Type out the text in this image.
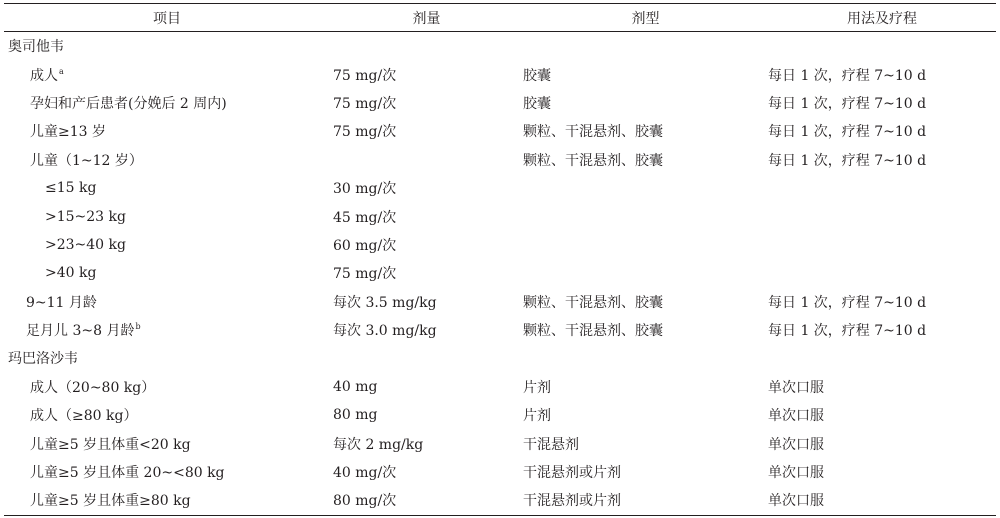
项目	剂量	剂型	用法及疗程
奥司他韦			
成人$^a$	75 mg/次	胶囊	每日 1 次，疗程 7~10 d
孕妇和产后患者(分娩后 2 周内)	75 mg/次	胶囊	每日 1 次，疗程 7~10 d
儿童≥13 岁	75 mg/次	颗粒、干混悬剂、胶囊	每日 1 次，疗程 7~10 d
儿童（1~12 岁）		颗粒、干混悬剂、胶囊	每日 1 次，疗程 7~10 d
≤15 kg	30 mg/次		
>15~23 kg	45 mg/次		
>23~40 kg	60 mg/次		
>40 kg	75 mg/次		
9~11 月龄	每次 3.5 mg/kg	颗粒、干混悬剂、胶囊	每日 1 次，疗程 7~10 d
足月儿 3~8 月龄$^b$	每次 3.0 mg/kg	颗粒、干混悬剂、胶囊	每日 1 次，疗程 7~10 d
玛巴洛沙韦			
成人（20~80 kg）	40 mg	片剂	单次口服
成人（≥80 kg）	80 mg	片剂	单次口服
儿童≥5 岁且体重<20 kg	每次 2 mg/kg	干混悬剂	单次口服
儿童≥5 岁且体重 20~<80 kg	40 mg/次	干混悬剂或片剂	单次口服
儿童≥5 岁且体重≥80 kg	80 mg/次	干混悬剂或片剂	单次口服
